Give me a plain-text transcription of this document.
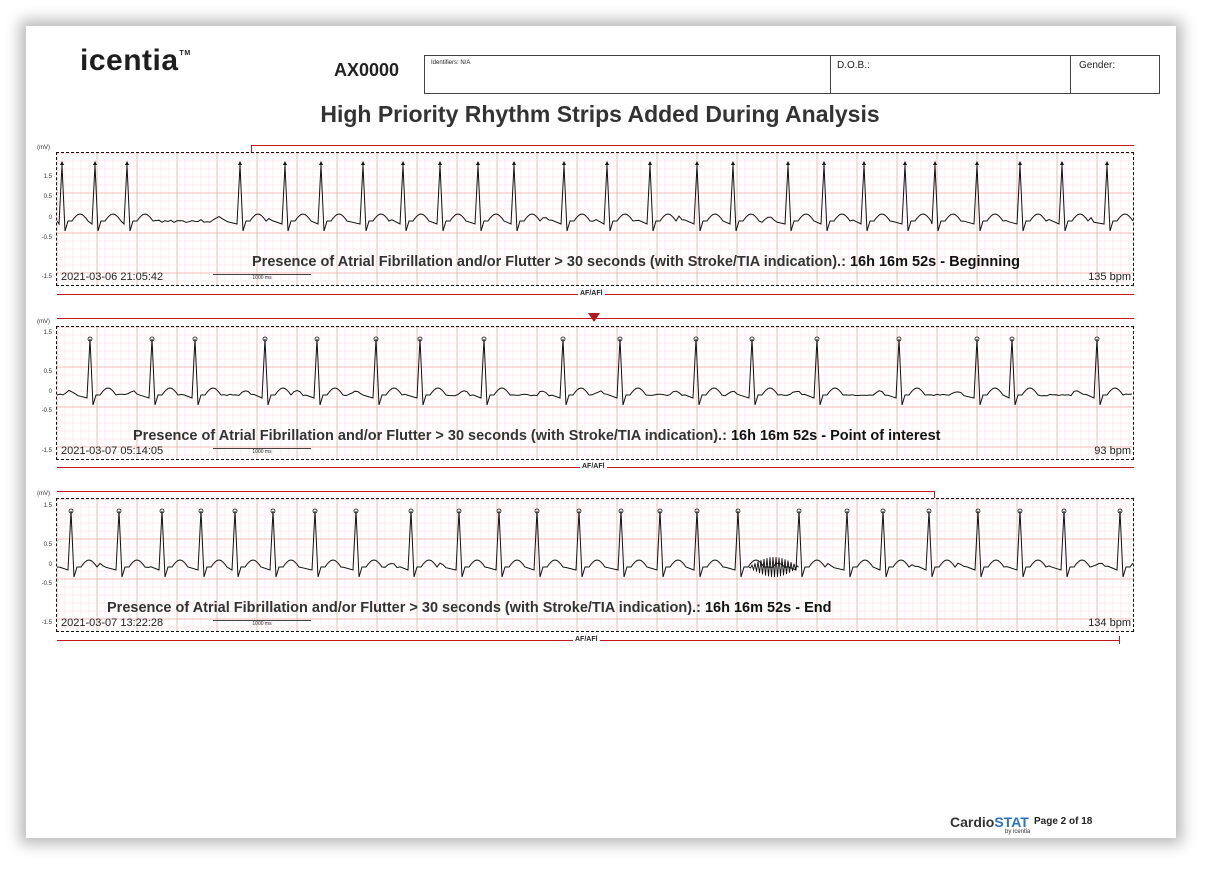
icentia™
AX0000	Identifiers: N/A	D.O.B.:	Gender:
High Priority Rhythm Strips Added During Analysis
(mV)
1.5
0.5
0
-0.5
-1.5
Presence of Atrial Fibrillation and/or Flutter > 30 seconds (with Stroke/TIA indication).: 16h 16m 52s - Beginning
2021-03-06 21:05:42	1000 ms	135 bpm
AF/AFl
(mV)
1.5
0.5
0
-0.5
-1.5
Presence of Atrial Fibrillation and/or Flutter > 30 seconds (with Stroke/TIA indication).: 16h 16m 52s - Point of interest
2021-03-07 05:14:05	1000 ms	93 bpm
AF/AFl
(mV)
1.5
0.5
0
-0.5
-1.5
Presence of Atrial Fibrillation and/or Flutter > 30 seconds (with Stroke/TIA indication).: 16h 16m 52s - End
2021-03-07 13:22:28	1000 ms	134 bpm
AF/AFl
CardioSTAT
by icentia
Page 2 of 18
